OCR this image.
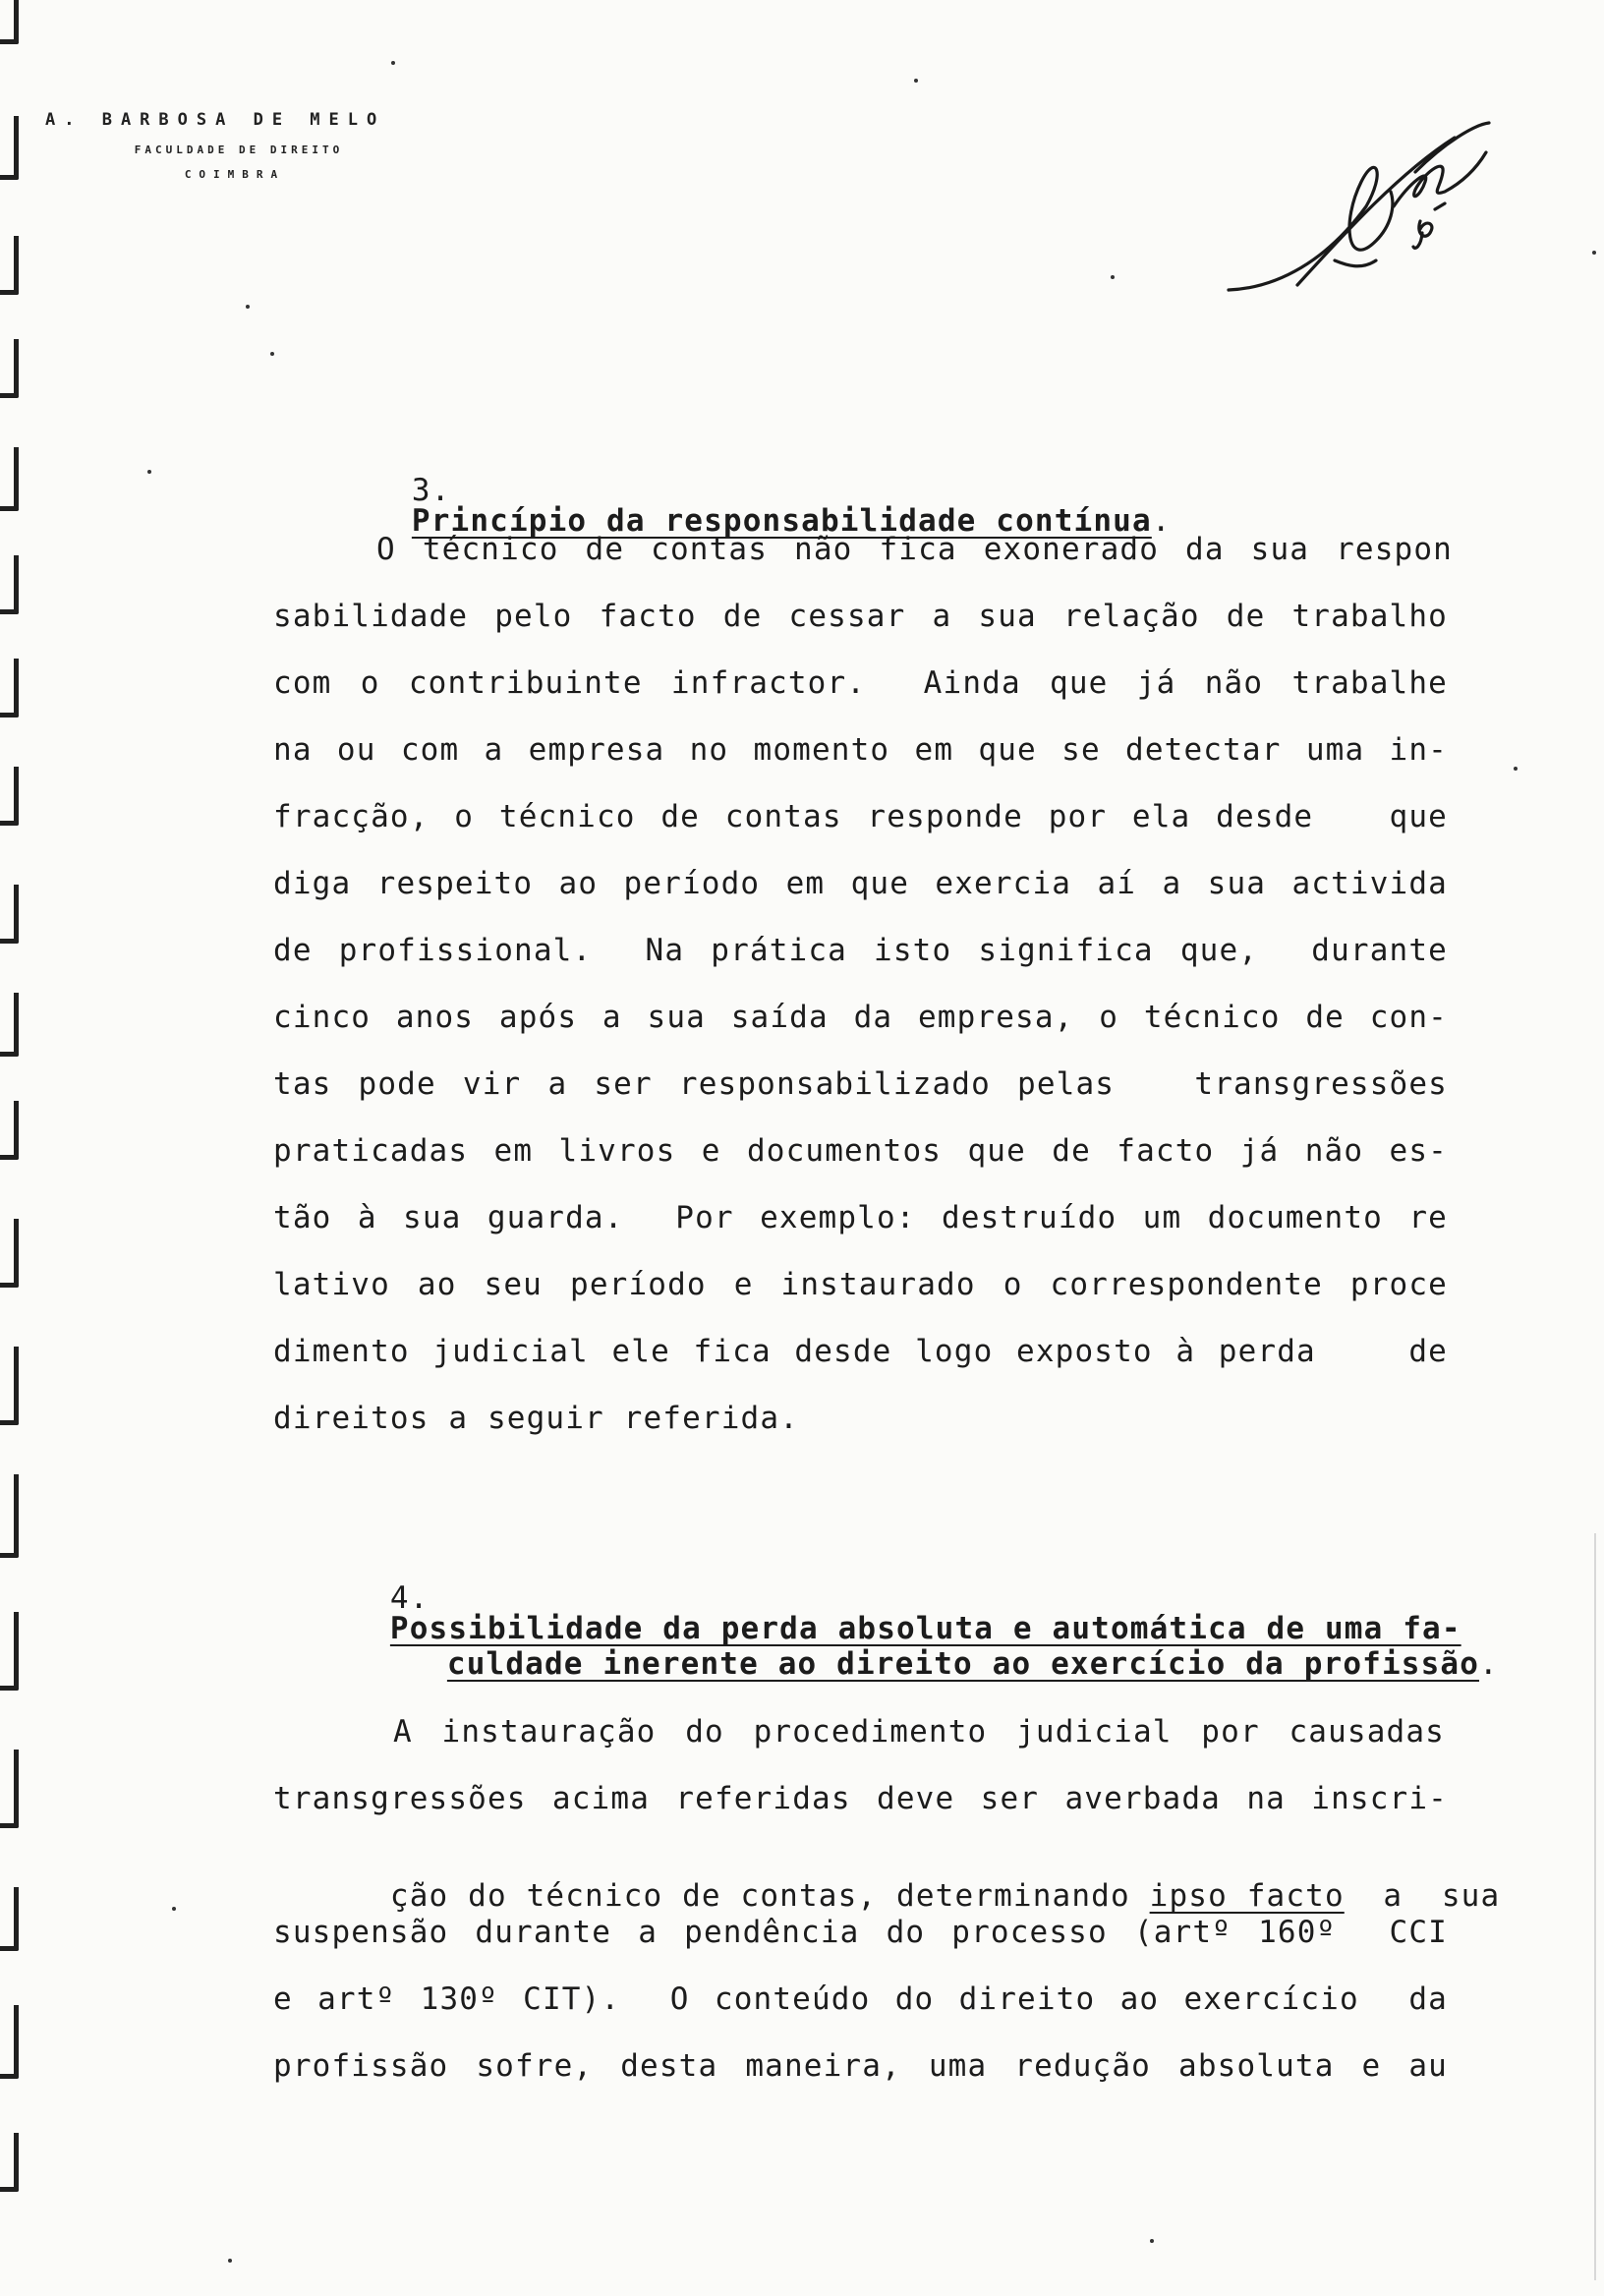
A. BARBOSA DE MELO
FACULDADE DE DIREITO
COIMBRA

3.
Princípio da responsabilidade contínua.

O técnico de contas não fica exonerado da sua respon
sabilidade pelo facto de cessar a sua relação de trabalho
com o contribuinte infractor.  Ainda que já não trabalhe
na ou com a empresa no momento em que se detectar uma in-
fracção, o técnico de contas responde por ela desde   que
diga respeito ao período em que exercia aí a sua activida
de profissional.  Na prática isto significa que,  durante
cinco anos após a sua saída da empresa, o técnico de con-
tas pode vir a ser responsabilizado pelas   transgressões
praticadas em livros e documentos que de facto já não es-
tão à sua guarda.  Por exemplo: destruído um documento re
lativo ao seu período e instaurado o correspondente proce
dimento judicial ele fica desde logo exposto à perda    de
direitos a seguir referida.

4.
Possibilidade da perda absoluta e automática de uma fa-

culdade inerente ao direito ao exercício da profissão.

A instauração do procedimento judicial por causadas
transgressões acima referidas deve ser averbada na inscri-

ção do técnico de contas, determinando ipso facto  a  sua

suspensão durante a pendência do processo (artº 160º  CCI
e artº 130º CIT).  O conteúdo do direito ao exercício  da
profissão sofre, desta maneira, uma redução absoluta e au
